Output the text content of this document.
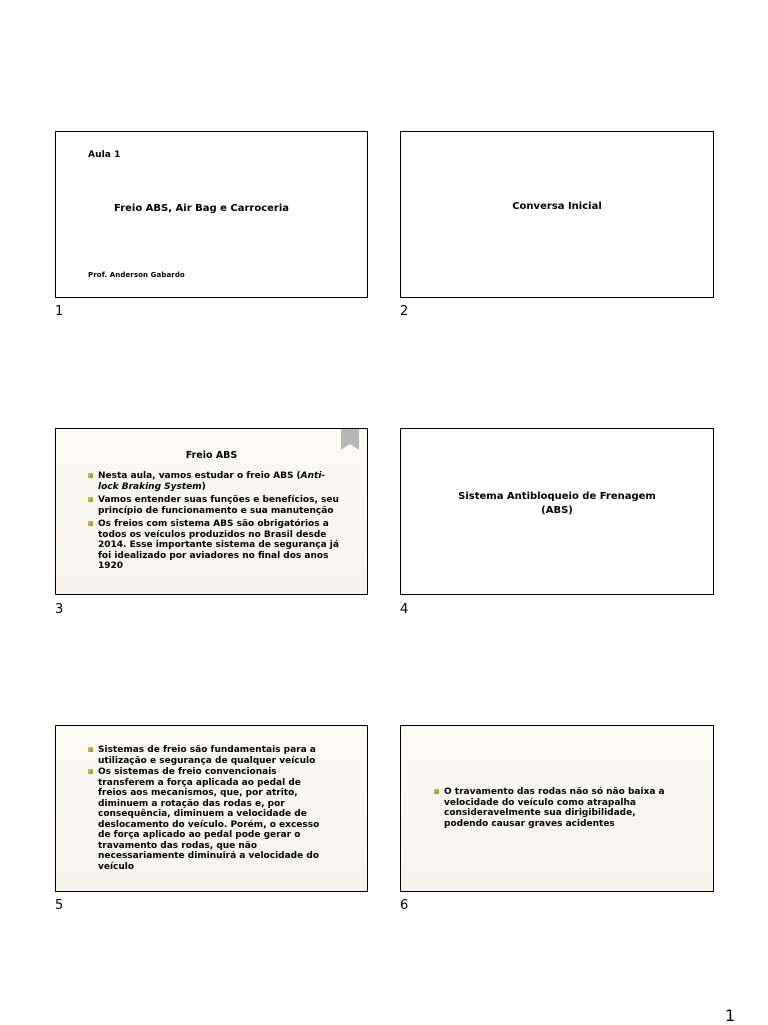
Aula 1
Freio ABS, Air Bag e Carroceria
Prof. Anderson Gabardo
1
Conversa Inicial
2
Freio ABS
Nesta aula, vamos estudar o freio ABS (Anti-lock Braking System)
Vamos entender suas funções e benefícios, seu princípio de funcionamento e sua manutenção
Os freios com sistema ABS são obrigatórios a todos os veículos produzidos no Brasil desde 2014. Esse importante sistema de segurança já foi idealizado por aviadores no final dos anos 1920
3
Sistema Antibloqueio de Frenagem
(ABS)
4
Sistemas de freio são fundamentais para a utilização e segurança de qualquer veículo
Os sistemas de freio convencionais transferem a força aplicada ao pedal de freios aos mecanismos, que, por atrito, diminuem a rotação das rodas e, por consequência, diminuem a velocidade de deslocamento do veículo. Porém, o excesso de força aplicado ao pedal pode gerar o travamento das rodas, que não necessariamente diminuirá a velocidade do veículo
5
O travamento das rodas não só não baixa a velocidade do veículo como atrapalha consideravelmente sua dirigibilidade, podendo causar graves acidentes
6
1
